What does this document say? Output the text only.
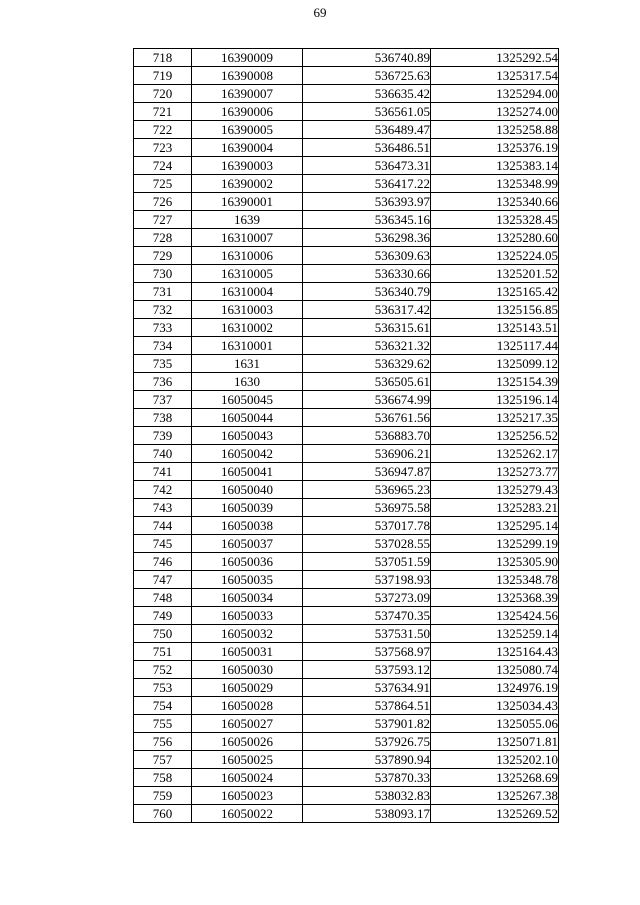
69
718	16390009	536740.89	1325292.54
719	16390008	536725.63	1325317.54
720	16390007	536635.42	1325294.00
721	16390006	536561.05	1325274.00
722	16390005	536489.47	1325258.88
723	16390004	536486.51	1325376.19
724	16390003	536473.31	1325383.14
725	16390002	536417.22	1325348.99
726	16390001	536393.97	1325340.66
727	1639	536345.16	1325328.45
728	16310007	536298.36	1325280.60
729	16310006	536309.63	1325224.05
730	16310005	536330.66	1325201.52
731	16310004	536340.79	1325165.42
732	16310003	536317.42	1325156.85
733	16310002	536315.61	1325143.51
734	16310001	536321.32	1325117.44
735	1631	536329.62	1325099.12
736	1630	536505.61	1325154.39
737	16050045	536674.99	1325196.14
738	16050044	536761.56	1325217.35
739	16050043	536883.70	1325256.52
740	16050042	536906.21	1325262.17
741	16050041	536947.87	1325273.77
742	16050040	536965.23	1325279.43
743	16050039	536975.58	1325283.21
744	16050038	537017.78	1325295.14
745	16050037	537028.55	1325299.19
746	16050036	537051.59	1325305.90
747	16050035	537198.93	1325348.78
748	16050034	537273.09	1325368.39
749	16050033	537470.35	1325424.56
750	16050032	537531.50	1325259.14
751	16050031	537568.97	1325164.43
752	16050030	537593.12	1325080.74
753	16050029	537634.91	1324976.19
754	16050028	537864.51	1325034.43
755	16050027	537901.82	1325055.06
756	16050026	537926.75	1325071.81
757	16050025	537890.94	1325202.10
758	16050024	537870.33	1325268.69
759	16050023	538032.83	1325267.38
760	16050022	538093.17	1325269.52
